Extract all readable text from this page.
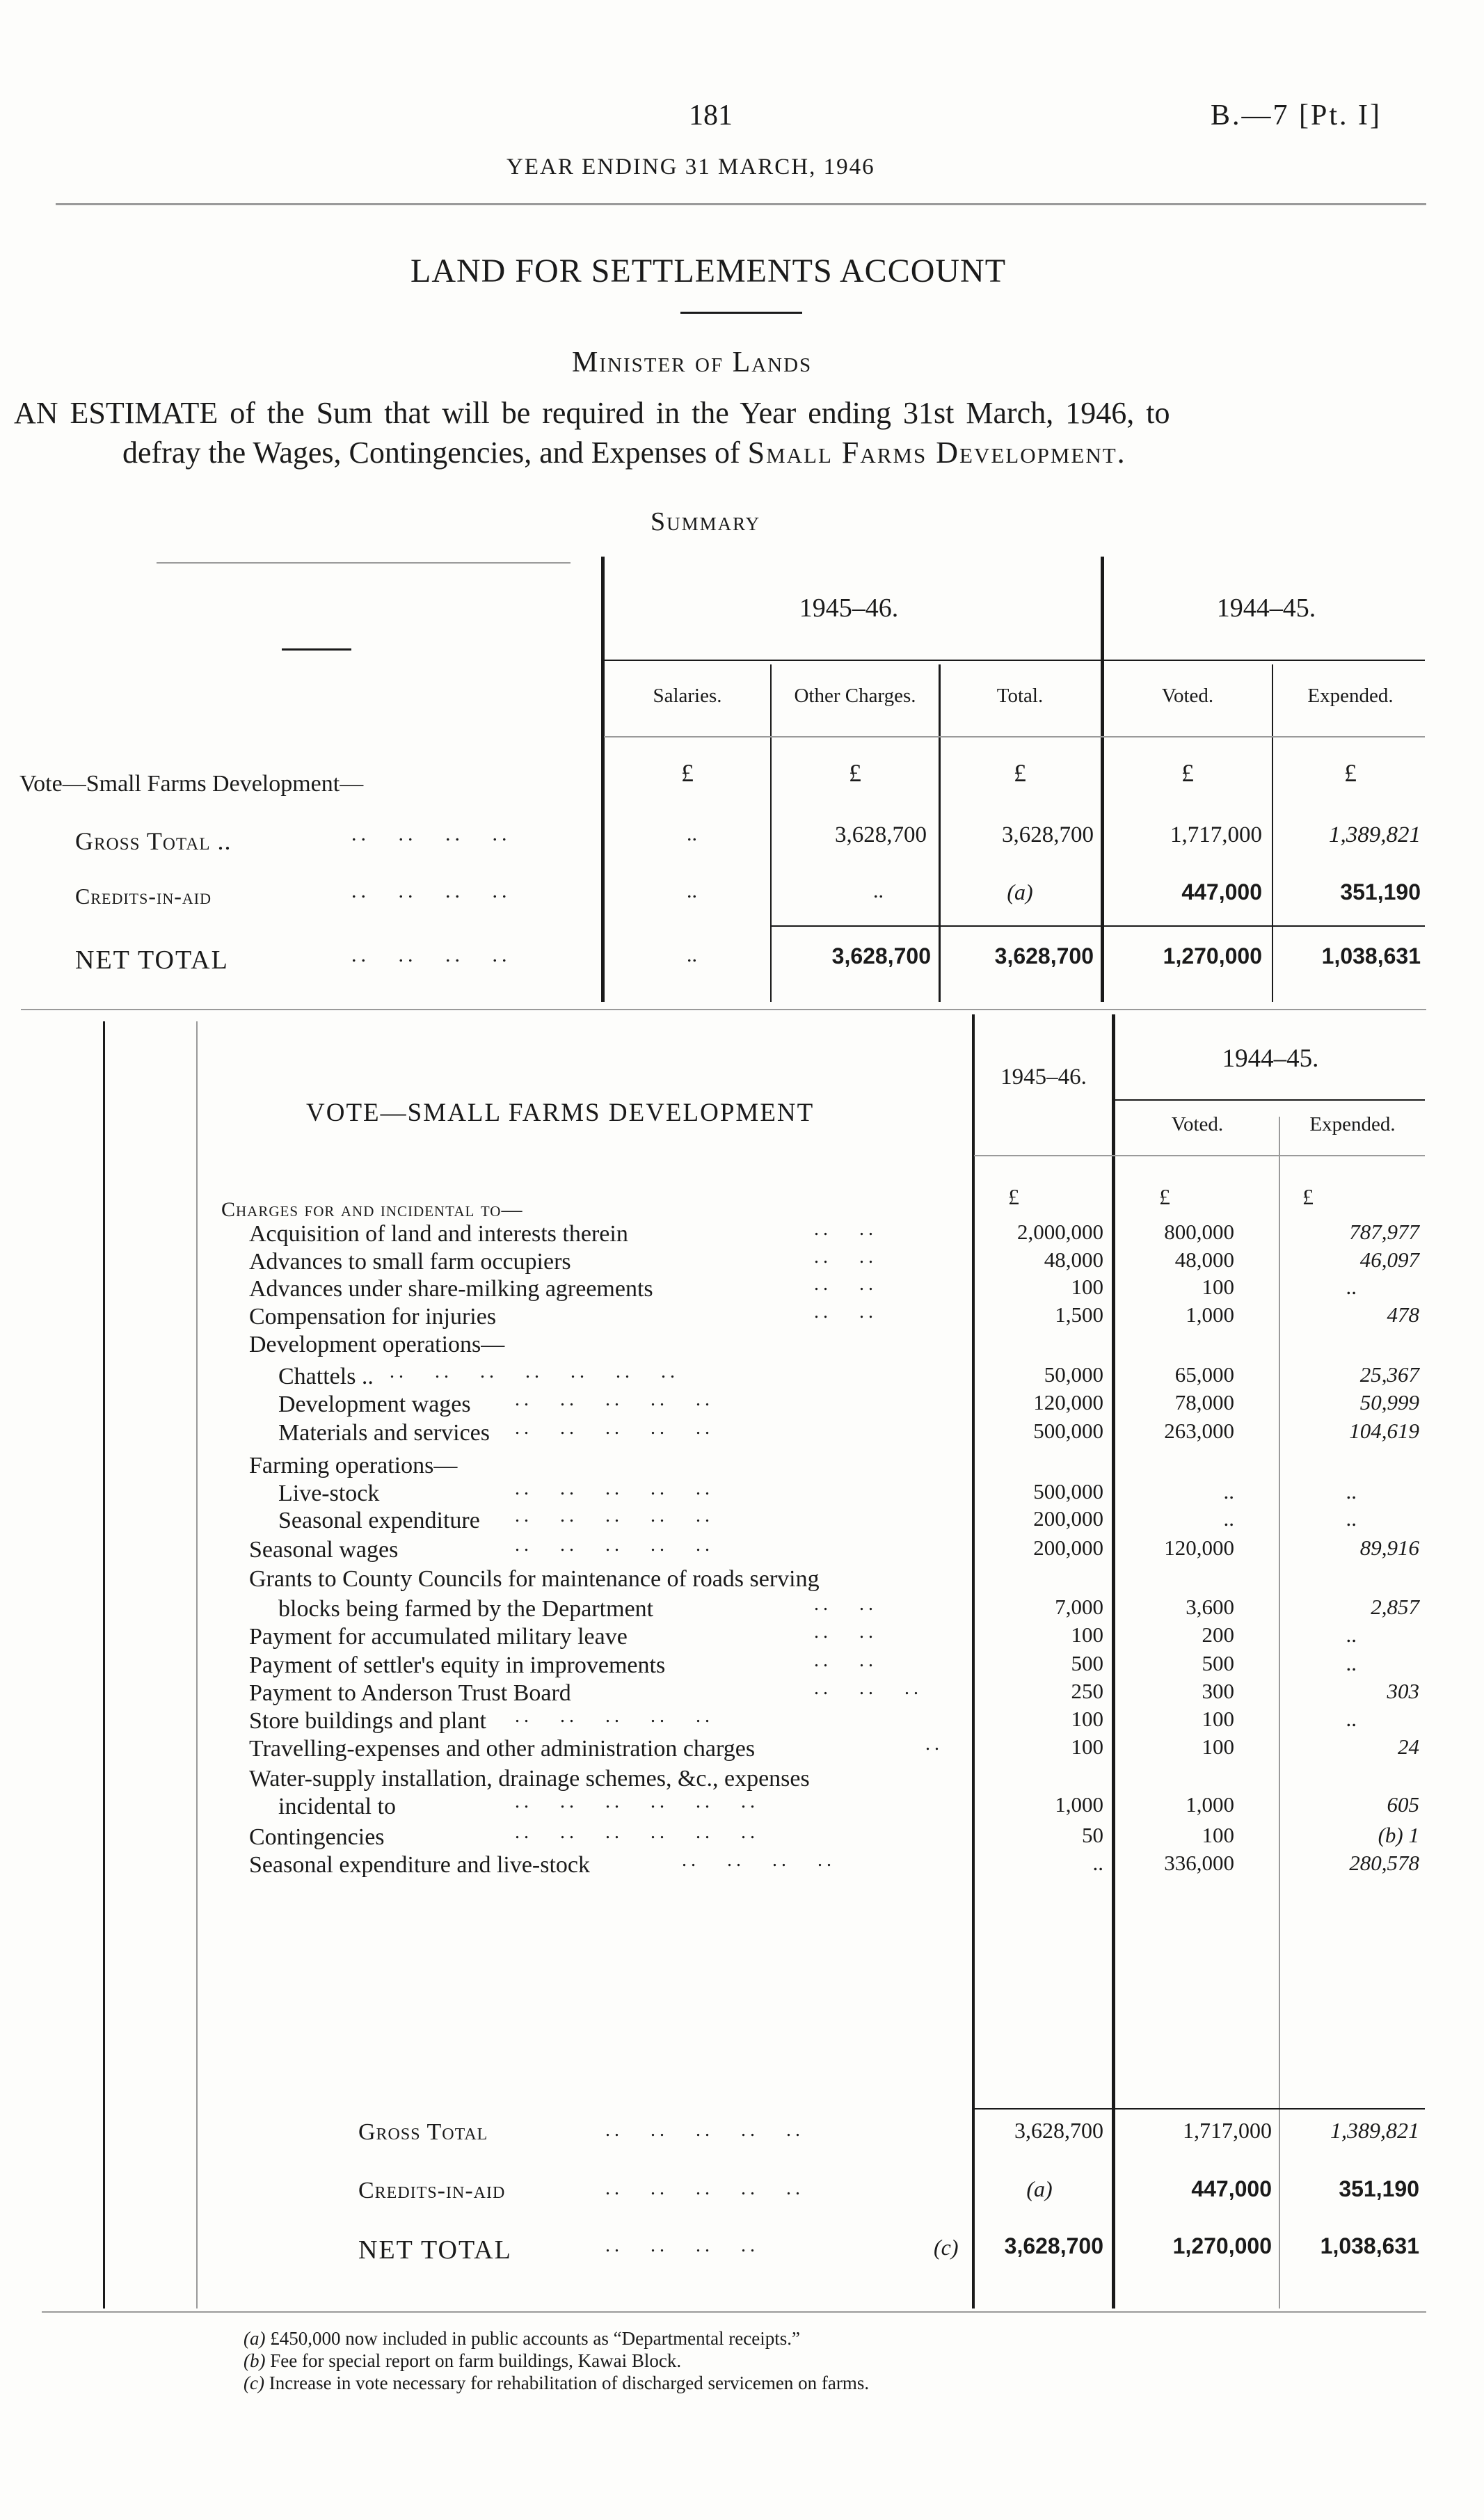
181	B.—7 [Pt. I]
YEAR ENDING 31 MARCH, 1946
LAND FOR SETTLEMENTS ACCOUNT
Minister of Lands
AN ESTIMATE of the Sum that will be required in the Year ending 31st March, 1946, to
defray the Wages, Contingencies, and Expenses of Small Farms Development.
Summary
1945–46.	1944–45.
Salaries.	Other Charges.	Total.	Voted.	Expended.
Vote—Small Farms Development—	£	£	£	£	£
Gross Total ..	..   ..   ..   ..	..	3,628,700	3,628,700	1,717,000	1,389,821
Credits-in-aid	..   ..   ..   ..	..	..	(a)	447,000	351,190
NET TOTAL	..   ..   ..   ..	..	3,628,700	3,628,700	1,270,000	1,038,631
VOTE—SMALL FARMS DEVELOPMENT
1945–46.
1944–45.
Voted.	Expended.
£	£	£
Charges for and incidental to—
Acquisition of land and interests therein	..   ..	2,000,000	800,000	787,977
Advances to small farm occupiers	..   ..	48,000	48,000	46,097
Advances under share-milking agreements	..   ..	100	100	..
Compensation for injuries	..   ..	1,500	1,000	478
Development operations—
Chattels .. ..   ..   ..   ..   ..   ..   ..	50,000	65,000	25,367
Development wages ..   ..   ..   ..   ..	120,000	78,000	50,999
Materials and services ..   ..   ..   ..   ..	500,000	263,000	104,619
Farming operations—
Live-stock	..   ..   ..   ..   ..	500,000	..	..
Seasonal expenditure ..   ..   ..   ..   ..	200,000	..	..
Seasonal wages	..   ..   ..   ..   ..	200,000	120,000	89,916
Grants to County Councils for maintenance of roads serving
blocks being farmed by the Department	..   ..	7,000	3,600	2,857
Payment for accumulated military leave	..   ..	100	200	..
Payment of settler's equity in improvements	..   ..	500	500	..
Payment to Anderson Trust Board	..   ..   ..	250	300	303
Store buildings and plant ..   ..   ..   ..   ..	100	100	..
Travelling-expenses and other administration charges	..	100	100	24
Water-supply installation, drainage schemes, &c., expenses
incidental to	..   ..   ..   ..   ..   ..	1,000	1,000	605
Contingencies	..   ..   ..   ..   ..   ..	50	100	(b) 1
Seasonal expenditure and live-stock	..   ..   ..   ..	..	336,000	280,578
Gross Total	..   ..   ..   ..   ..	3,628,700	1,717,000	1,389,821
Credits-in-aid	..   ..   ..   ..   ..	(a)	447,000	351,190
NET TOTAL	..   ..   ..   ..	(c)	3,628,700	1,270,000	1,038,631
(a) £450,000 now included in public accounts as “Departmental receipts.”
(b) Fee for special report on farm buildings, Kawai Block.
(c) Increase in vote necessary for rehabilitation of discharged servicemen on farms.
